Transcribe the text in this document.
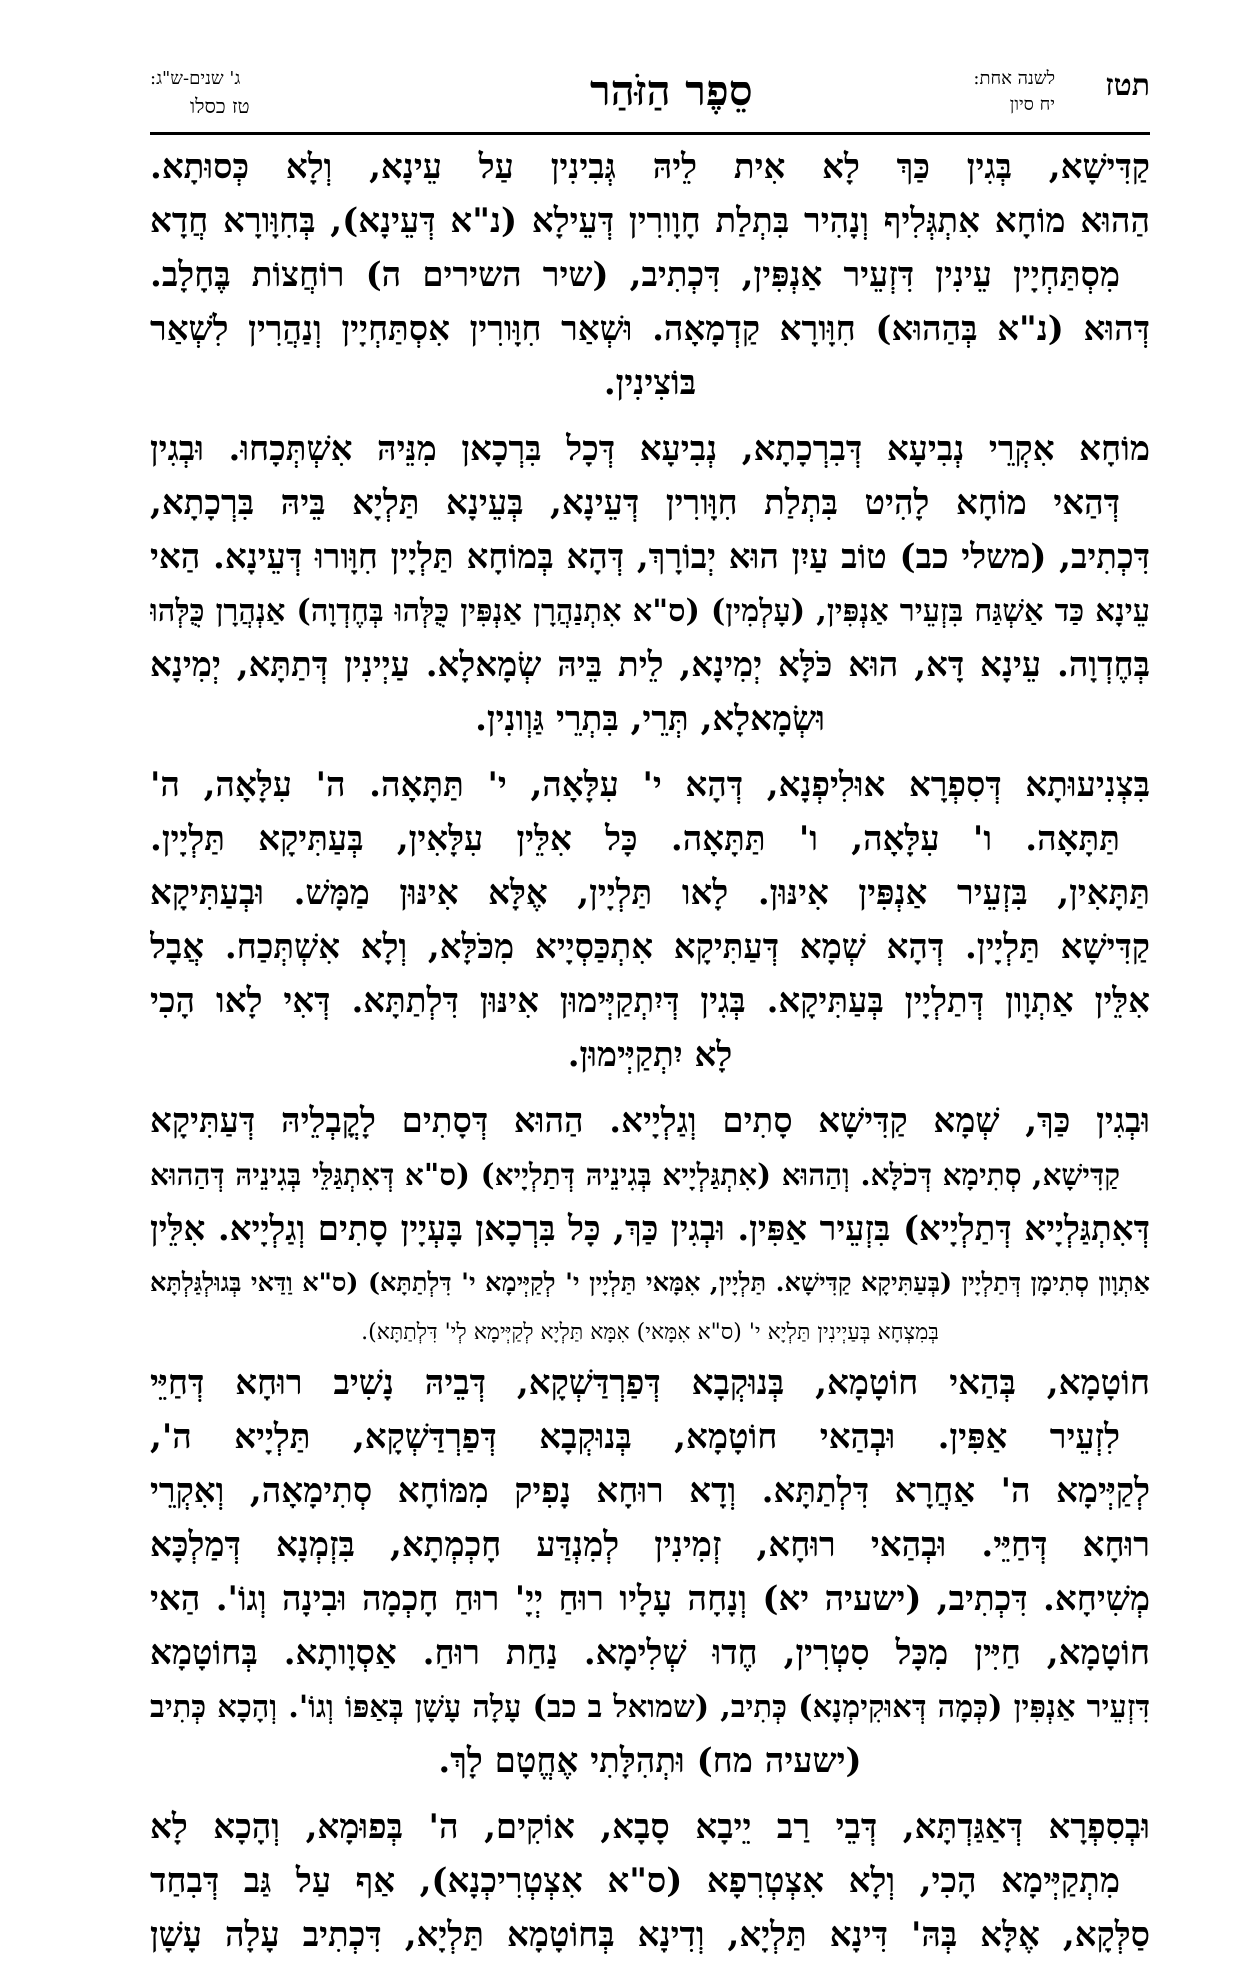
תטז
לשנה אחת:
יח סיון
סֵפֶר הַזֹּהַר
ג' שנים-ש"ג:
טז כסלו
קַדִּישָׁא, בְּגִין כַּךְ לָא אִית לֵיהּ גְּבִינִין עַל עֵינָא, וְלָא כְּסוּתָא.
הַהוּא מוֹחָא אִתְגְּלִיף וְנָהִיר בִּתְלַת חָוָורִין דְּעֵילָא (נ"א דְּעֵינָא), בְּחִוָּורָא חֲדָא
מִסְתַּחְיָין עֵינִין דִּזְעֵיר אַנְפִּין, דִּכְתִיב, (שיר השירים ה) רוֹחֲצוֹת בֶּחָלָב.
דְּהוּא (נ"א בְּהַהוּא) חִוָּורָא קַדְמָאָה. וּשְׁאַר חִוָּורִין אִסְתַּחְיָין וְנַהֲרִין לִשְׁאַר
בּוֹצִינִין.
מוֹחָא אִקְרֵי נְבִיעָא דְּבִרְכָתָא, נְבִיעָא דְּכָל בִּרְכָאן מִנֵּיהּ אִשְׁתְּכָחוּ. וּבְגִין
דְּהַאי מוֹחָא לָהִיט בִּתְלַת חִוָּורִין דְּעֵינָא, בְּעֵינָא תַּלְיָא בֵּיהּ בִּרְכָתָא,
דִּכְתִיב, (משלי כב) טוֹב עַיִן הוּא יְבוֹרָךְ, דְּהָא בְּמוֹחָא תַּלְיָין חִוָּורוּ דְּעֵינָא. הַאי
עֵינָא כַּד אַשְׁגַּח בִּזְעֵיר אַנְפִּין, (עָלְמִין) (ס"א אִתְנַהֲרָן אַנְפִּין כֻּלְּהוּ בְּחֶדְוָה) אַנְהֲרָן כֻּלְּהוּ
בְּחֶדְוָה. עֵינָא דָּא, הוּא כֹּלָּא יְמִינָא, לֵית בֵּיהּ שְׂמָאלָא. עַיְינִין דְּתַתָּא, יְמִינָא
וּשְׂמָאלָא, תְּרֵי, בִּתְרֵי גַּוְונִין.
בִּצְנִיעוּתָא דְּסִפְרָא אוּלִיפְנָא, דְּהָא י' עִלָּאָה, י' תַּתָּאָה. ה' עִלָּאָה, ה'
תַּתָּאָה. ו' עִלָּאָה, ו' תַּתָּאָה. כָּל אִלֵּין עִלָּאִין, בְּעַתִּיקָא תַּלְיָין.
תַּתָּאִין, בִּזְעֵיר אַנְפִּין אִינּוּן. לָאו תַּלְיָין, אֶלָּא אִינּוּן מַמָּשׁ. וּבְעַתִּיקָא
קַדִּישָׁא תַּלְיָין. דְּהָא שְׁמָא דְּעַתִּיקָא אִתְכַּסְיָיא מִכֹּלָּא, וְלָא אִשְׁתְּכַח. אֲבָל
אִלֵּין אַתְוָון דְּתַלְיָין בְּעַתִּיקָא. בְּגִין דְּיִתְקַיְּימוּן אִינּוּן דִּלְתַתָּא. דְּאִי לָאו הָכִי
לָא יִתְקַיְּימוּן.
וּבְגִין כַּךְ, שְׁמָא קַדִּישָׁא סָתִים וְגַלְיָיא. הַהוּא דְּסָתִים לָקֳבְלֵיהּ דְּעַתִּיקָא
קַדִּישָׁא, סְתִימָא דְּכֹלָּא. וְהַהוּא (אִתְגַּלְיָיא בְּגִינֵיהּ דְּתַלְיָיא) (ס"א דְּאִתְגַּלֵּי בְּגִינֵיהּ דְּהַהוּא
דְּאִתְגַּלְיָיא דְּתַלְיָיא) בִּזְעֵיר אַפִּין. וּבְגִין כַּךְ, כָּל בִּרְכָאן בָּעְיָין סָתִים וְגַלְיָיא. אִלֵּין
אַתְוָון סְתִימָן דְּתַלְיָין (בְּעַתִּיקָא קַדִּישָׁא. תַּלְיָין, אִמָּאי תַּלְיָין י' לְקַיְּימָא י' דִּלְתַתָּא) (ס"א וַדַּאי בְּגוּלְגַּלְתָּא
בְּמִצְחָא בְּעַיְינִין תַּלְיָא י' (ס"א אִמָּאי) אִמָּא תַּלְיָא לְקַיְּימָא לְי' דִּלְתַתָּא).
חוֹטָמָא, בְּהַאי חוֹטָמָא, בְּנוּקְבָא דְּפַרְדַּשְׁקָא, דְּבֵיהּ נָשִׁיב רוּחָא דְּחַיֵּי
לִזְעֵיר אַפִּין. וּבְהַאי חוֹטָמָא, בְּנוּקְבָא דְּפַרְדַּשְׁקָא, תַּלְיָיא ה',
לְקַיְּימָא ה' אַחֲרָא דִּלְתַתָּא. וְדָא רוּחָא נָפִיק מִמּוֹחָא סְתִימָאָה, וְאִקְרֵי
רוּחָא דְּחַיֵּי. וּבְהַאי רוּחָא, זְמִינִין לְמִנְדַּע חָכְמְתָא, בִּזְמְנָא דְּמַלְכָּא
מְשִׁיחָא. דִּכְתִיב, (ישעיה יא) וְנָחָה עָלָיו רוּחַ יְיָ' רוּחַ חָכְמָה וּבִינָה וְגוֹ'. הַאי
חוֹטָמָא, חַיִּין מִכָּל סִטְרִין, חֶדוּ שְׁלִימָא. נַחַת רוּחַ. אַסְוָותָא. בְּחוֹטָמָא
דִּזְעֵיר אַנְפִּין (כְּמָה דְּאוּקִימְנָא) כְּתִיב, (שמואל ב כב) עָלָה עָשָׁן בְּאַפּוֹ וְגוֹ'. וְהָכָא כְּתִיב
(ישעיה מח) וּתְהִלָּתִי אֶחֱטָם לָךְ.
וּבְסִפְרָא דְּאַגַּדְתָּא, דְּבֵי רַב יֵיבָא סָבָא, אוֹקִים, ה' בְּפוּמָא, וְהָכָא לָא
מִתְקַיְּימָא הָכִי, וְלָא אִצְטְרִפָא (ס"א אִצְטְרִיכְנָא), אַף עַל גַּב דְּבִחַד
סַלְּקָא, אֶלָּא בְּהּ' דִּינָא תַּלְיָא, וְדִינָא בְּחוֹטָמָא תַּלְיָא, דִּכְתִיב עָלָה עָשָׁן
